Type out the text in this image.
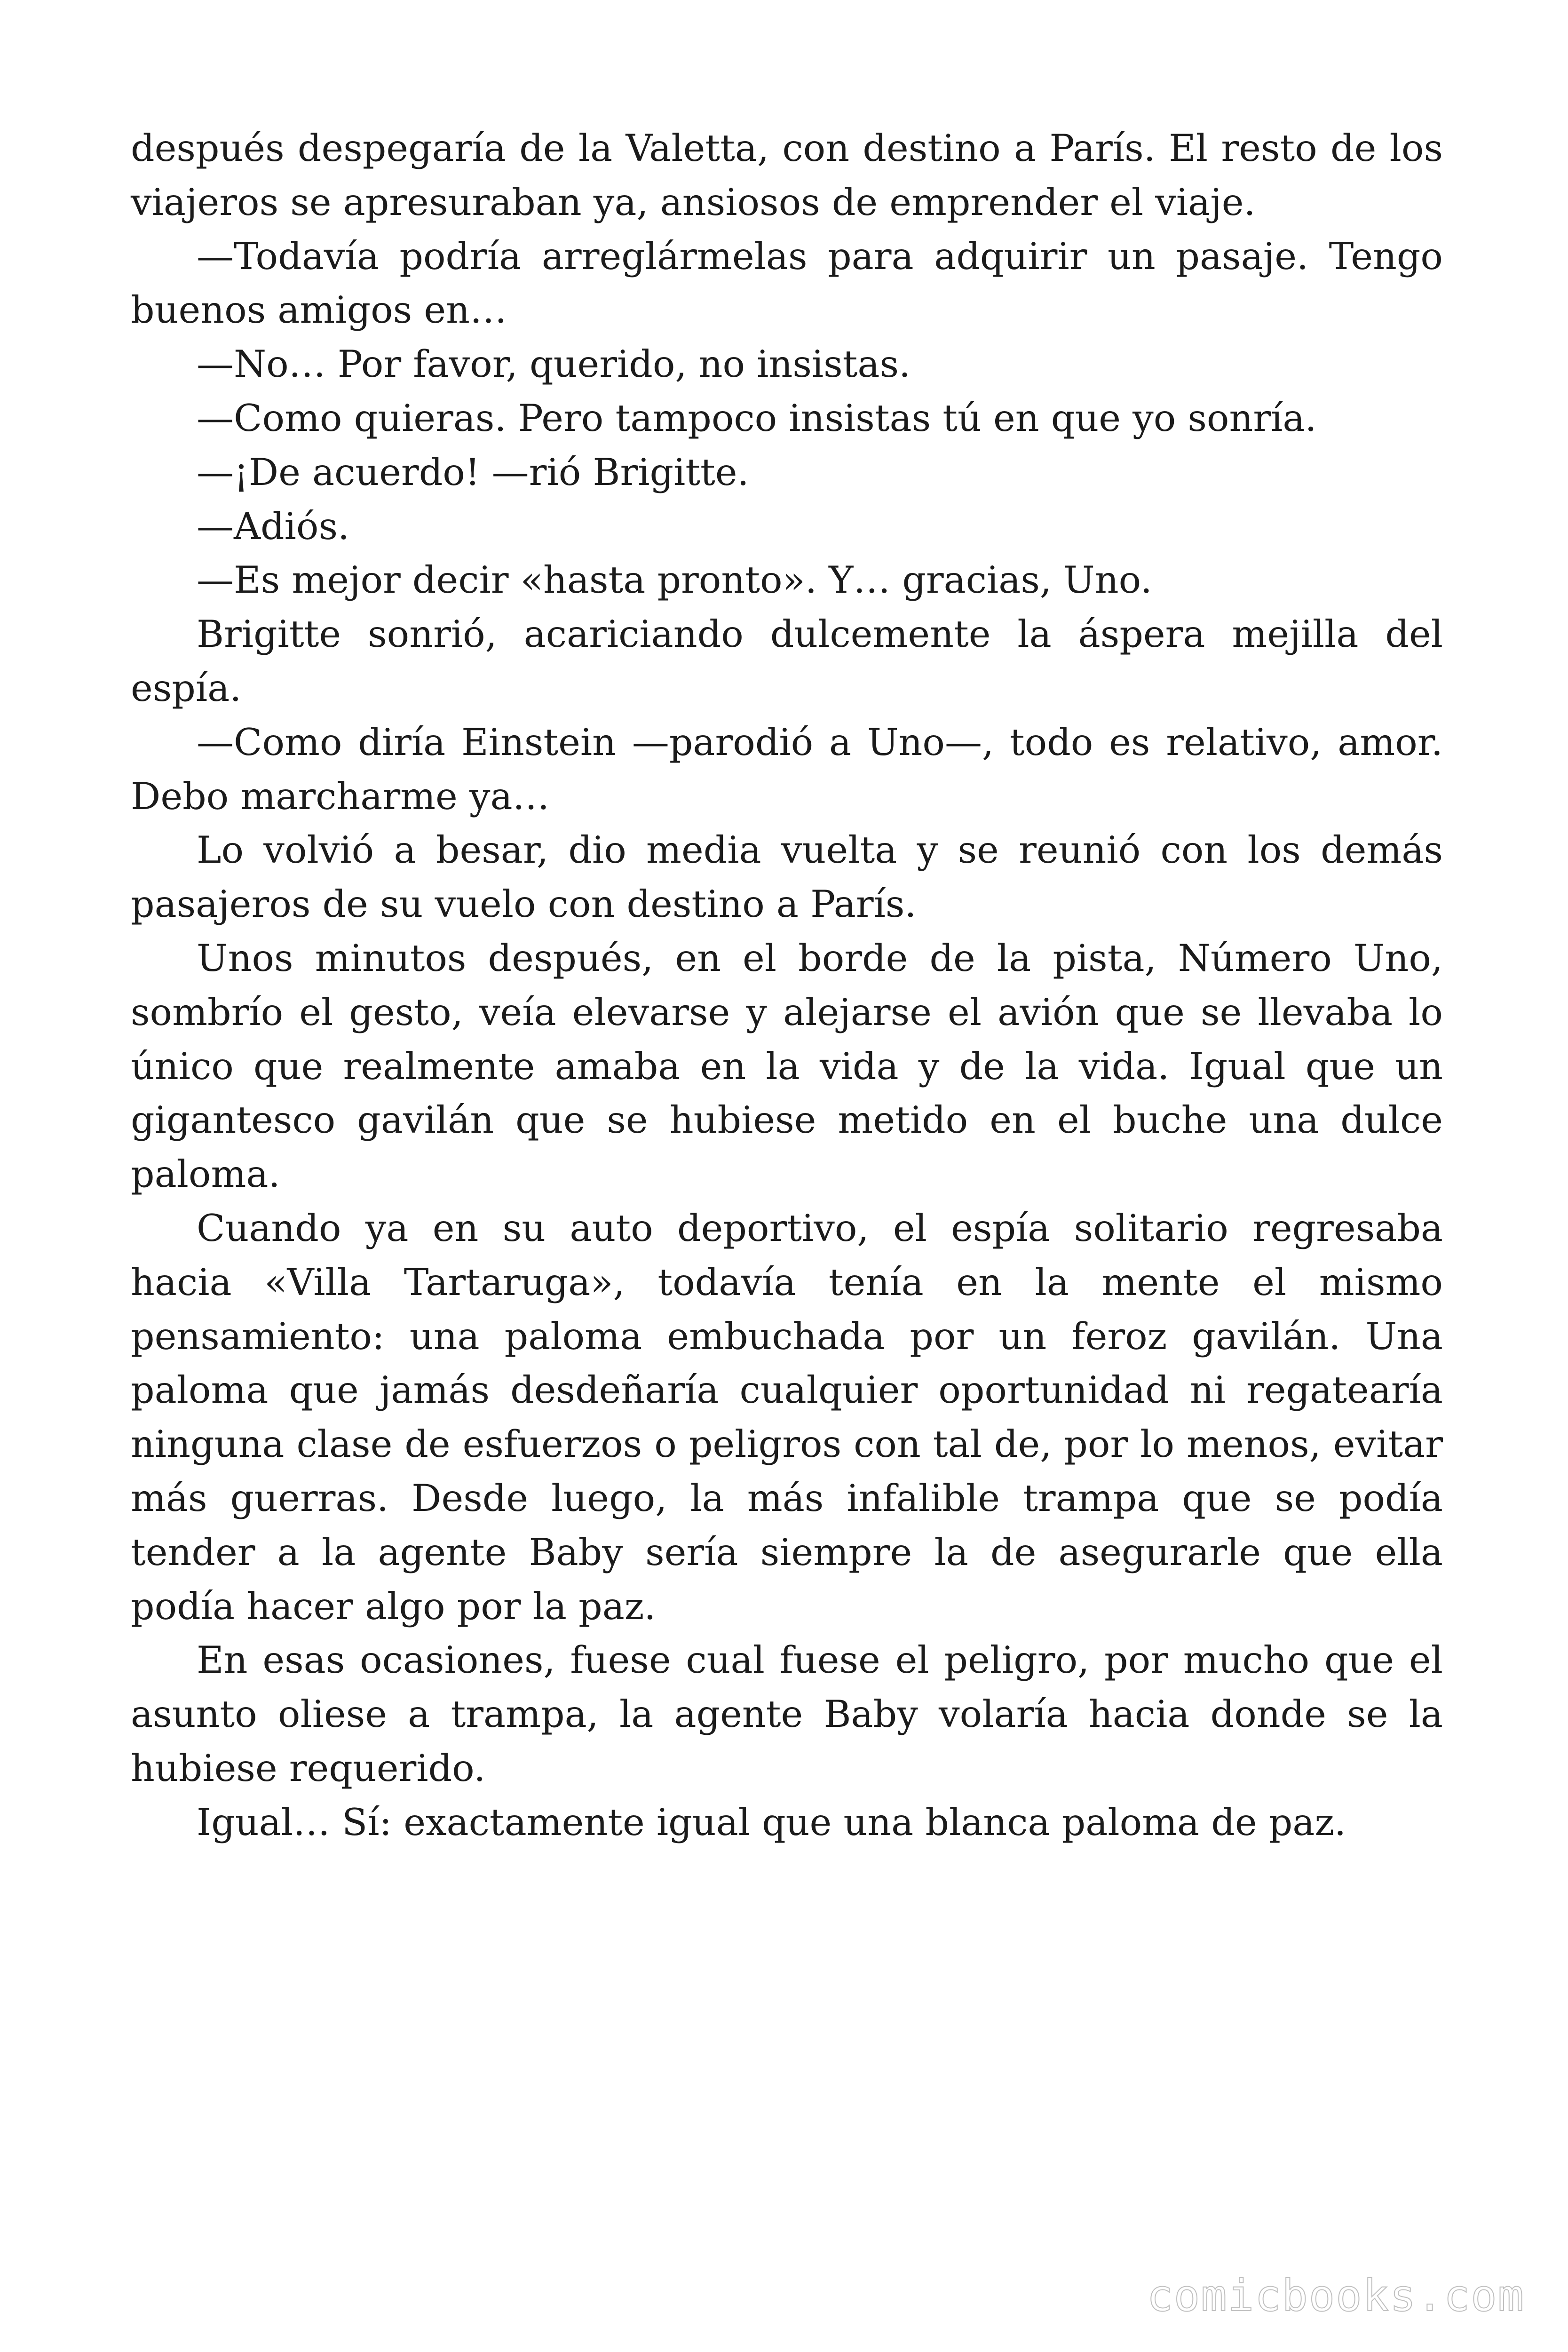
después despegaría de la Valetta, con destino a París. El resto de los viajeros se apresuraban ya, ansiosos de emprender el viaje.

—Todavía podría arreglármelas para adquirir un pasaje. Tengo buenos amigos en…

—No… Por favor, querido, no insistas.

—Como quieras. Pero tampoco insistas tú en que yo sonría.

—¡De acuerdo! —rió Brigitte.

—Adiós.

—Es mejor decir «hasta pronto». Y… gracias, Uno.

Brigitte sonrió, acariciando dulcemente la áspera mejilla del espía.

—Como diría Einstein —parodió a Uno—, todo es relativo, amor. Debo marcharme ya…

Lo volvió a besar, dio media vuelta y se reunió con los demás pasajeros de su vuelo con destino a París.

Unos minutos después, en el borde de la pista, Número Uno, sombrío el gesto, veía elevarse y alejarse el avión que se llevaba lo único que realmente amaba en la vida y de la vida. Igual que un gigantesco gavilán que se hubiese metido en el buche una dulce paloma.

Cuando ya en su auto deportivo, el espía solitario regresaba hacia «Villa Tartaruga», todavía tenía en la mente el mismo pensamiento: una paloma embuchada por un feroz gavilán. Una paloma que jamás desdeñaría cualquier oportunidad ni regatearía ninguna clase de esfuerzos o peligros con tal de, por lo menos, evitar más guerras. Desde luego, la más infalible trampa que se podía tender a la agente Baby sería siempre la de asegurarle que ella podía hacer algo por la paz.

En esas ocasiones, fuese cual fuese el peligro, por mucho que el asunto oliese a trampa, la agente Baby volaría hacia donde se la hubiese requerido.

Igual… Sí: exactamente igual que una blanca paloma de paz.

comicbooks.com
